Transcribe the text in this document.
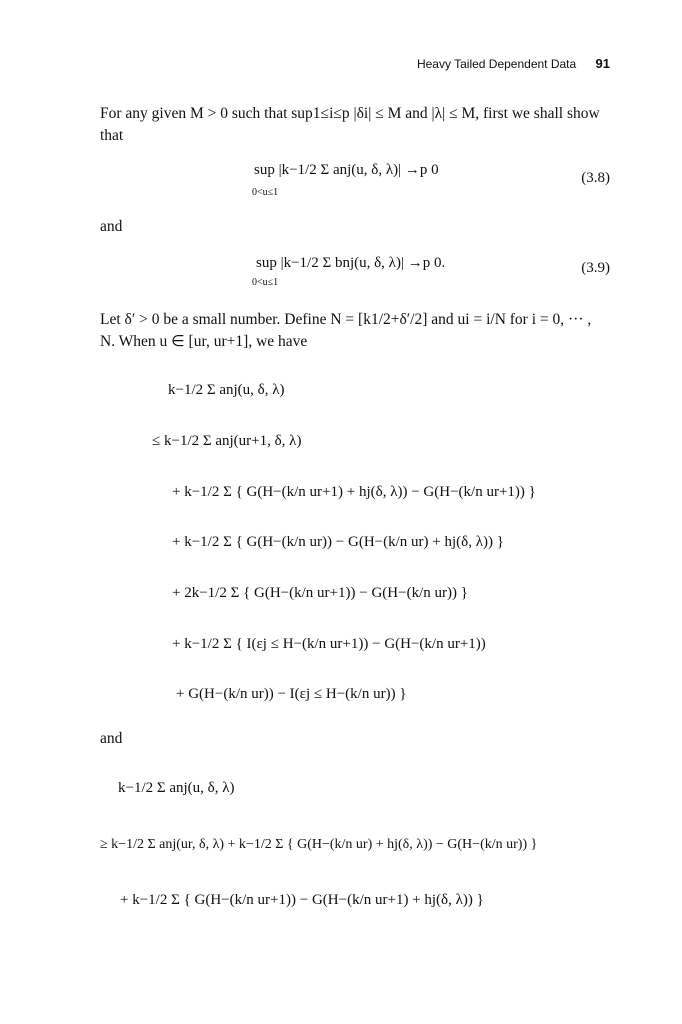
Heavy Tailed Dependent Data 91
For any given M > 0 such that sup1≤i≤p |δi| ≤ M and |λ| ≤ M, first we shall show that
sup |k−1/2 Σ anj(u, δ, λ)| →p 0
0<u≤1
(3.8)
and
sup |k−1/2 Σ bnj(u, δ, λ)| →p 0.
0<u≤1
(3.9)
Let δ′ > 0 be a small number. Define N = [k1/2+δ′/2] and ui = i/N for i = 0, ··· , N. When u ∈ [ur, ur+1], we have
k−1/2 Σ anj(u, δ, λ)
≤ k−1/2 Σ anj(ur+1, δ, λ)
+ k−1/2 Σ { G(H−(k/n ur+1) + hj(δ, λ)) − G(H−(k/n ur+1)) }
+ k−1/2 Σ { G(H−(k/n ur)) − G(H−(k/n ur) + hj(δ, λ)) }
+ 2k−1/2 Σ { G(H−(k/n ur+1)) − G(H−(k/n ur)) }
+ k−1/2 Σ { I(εj ≤ H−(k/n ur+1)) − G(H−(k/n ur+1))
+ G(H−(k/n ur)) − I(εj ≤ H−(k/n ur)) }
and
k−1/2 Σ anj(u, δ, λ)
≥ k−1/2 Σ anj(ur, δ, λ) + k−1/2 Σ { G(H−(k/n ur) + hj(δ, λ)) − G(H−(k/n ur)) }
+ k−1/2 Σ { G(H−(k/n ur+1)) − G(H−(k/n ur+1) + hj(δ, λ)) }
